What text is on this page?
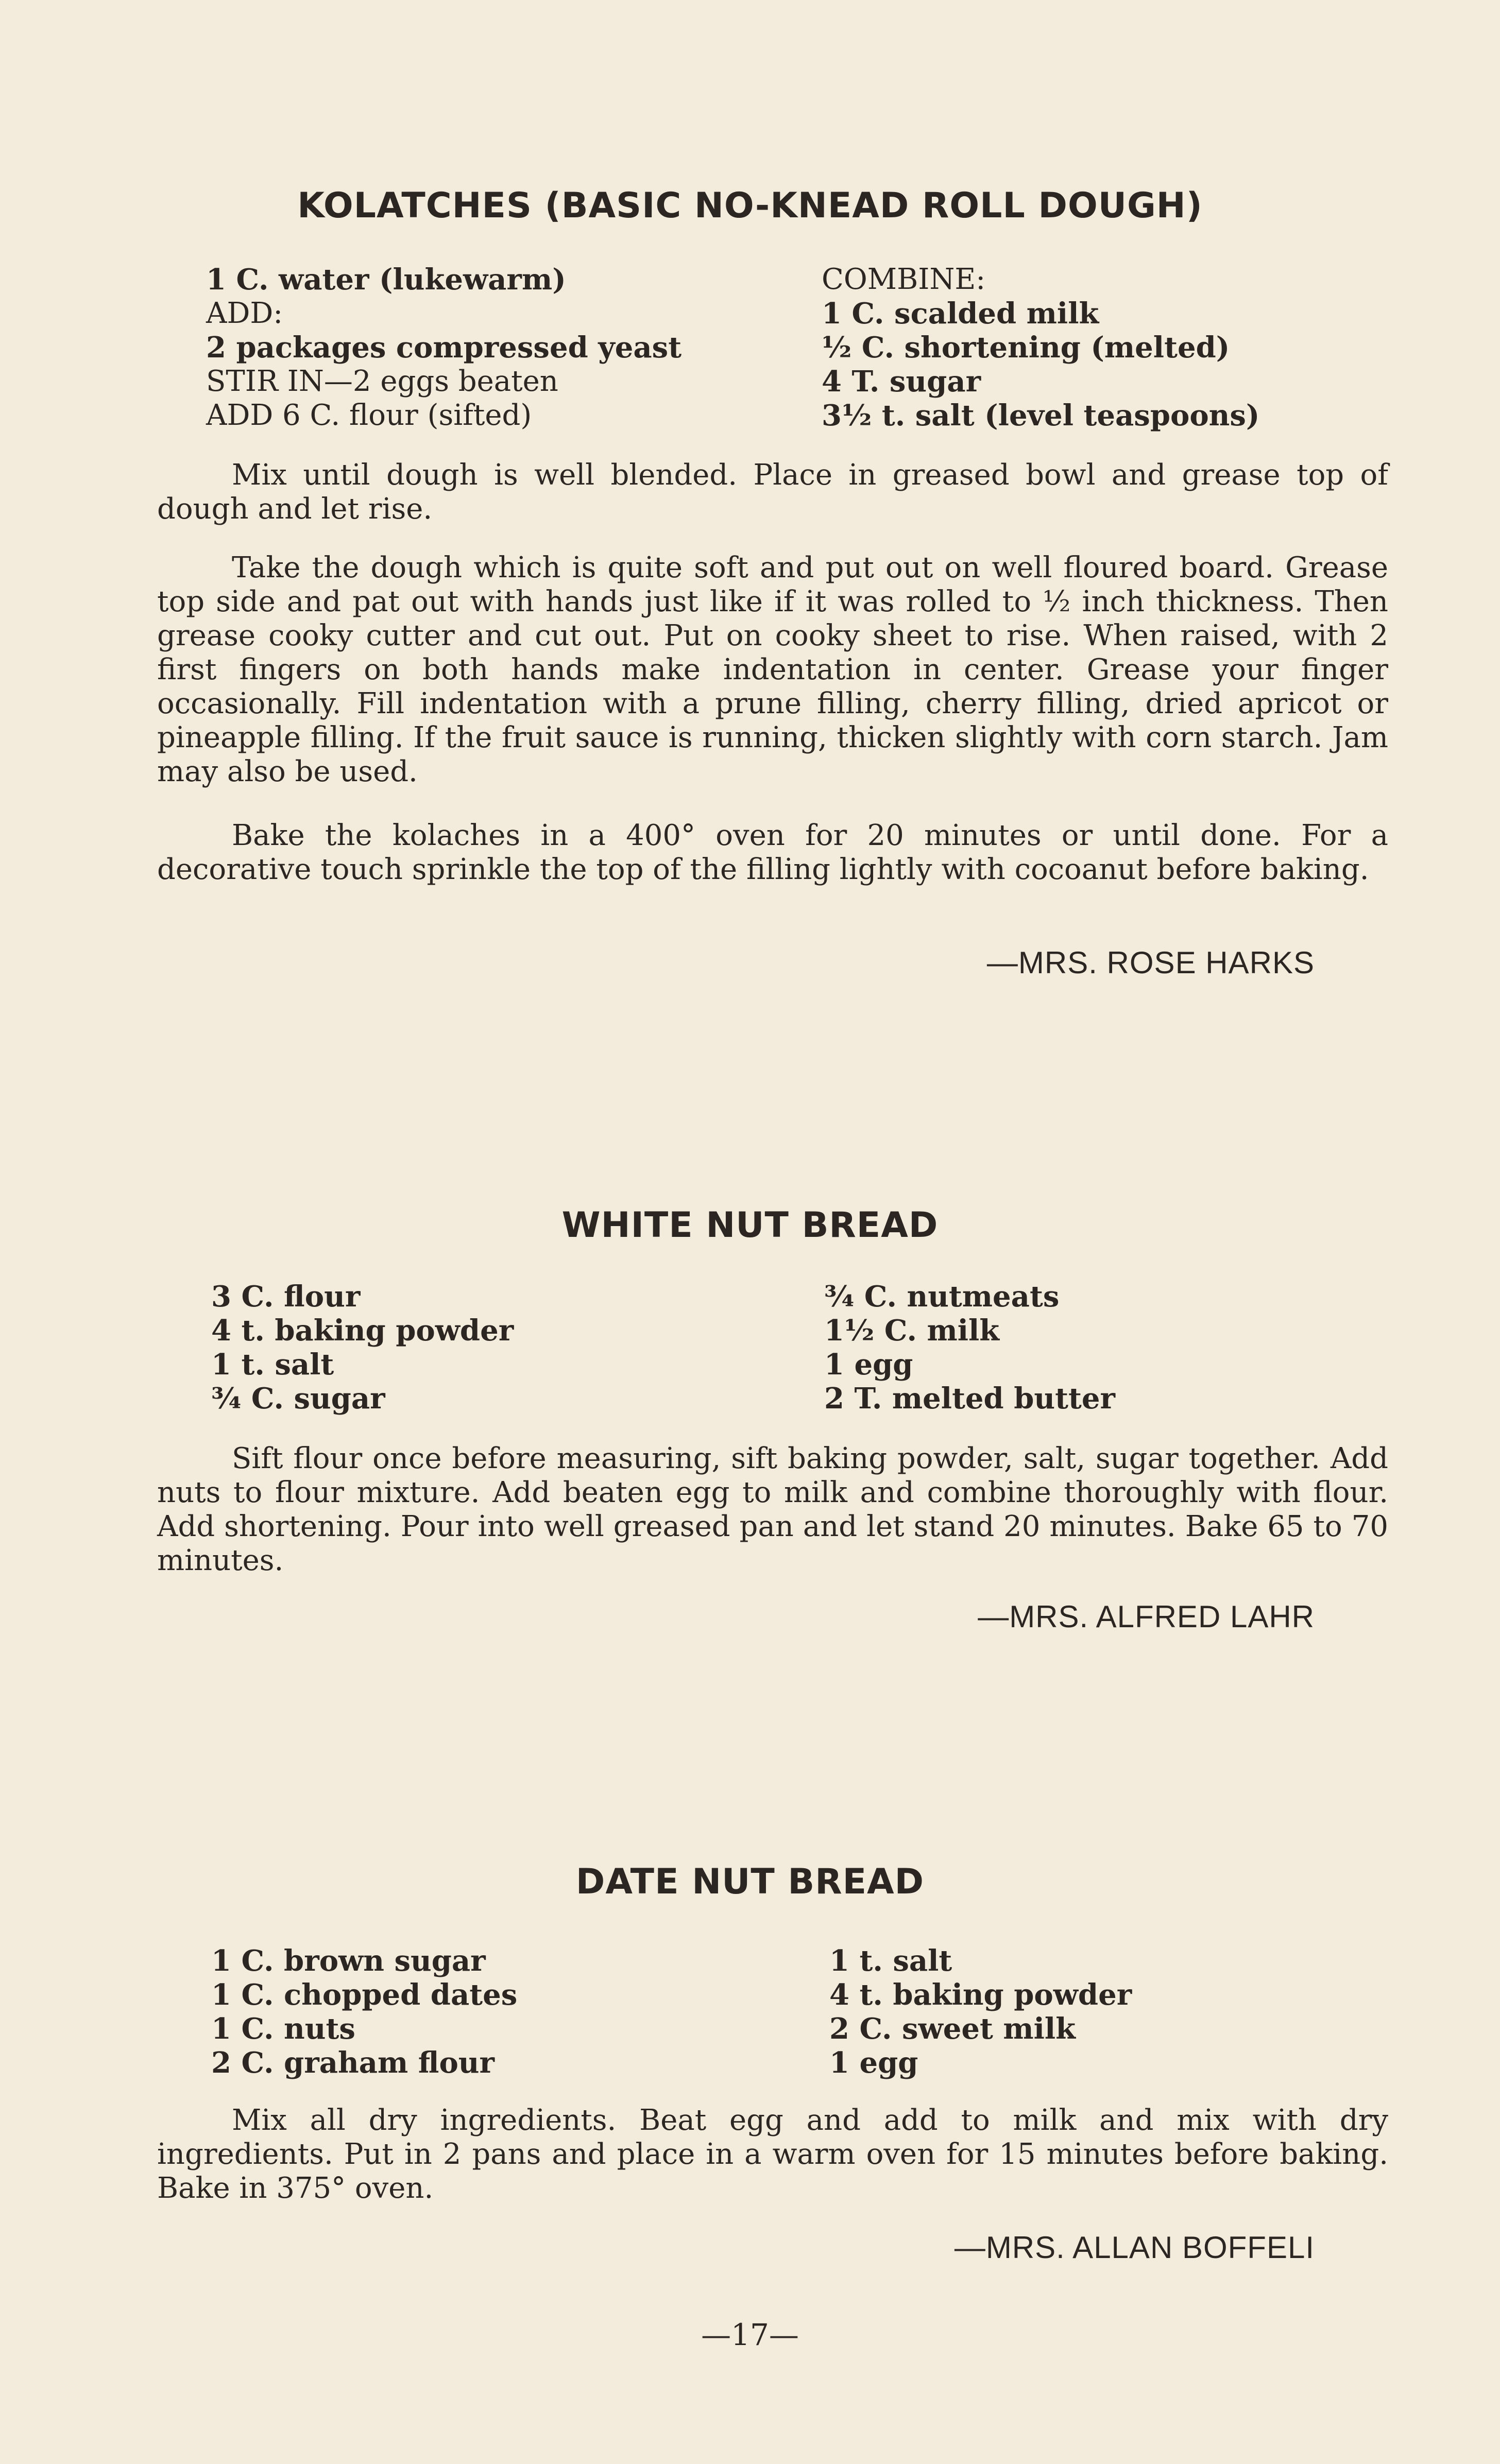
KOLATCHES (BASIC NO-KNEAD ROLL DOUGH)
1 C. water (lukewarm)
ADD:
2 packages compressed yeast
STIR IN—2 eggs beaten
ADD 6 C. flour (sifted)
COMBINE:
1 C. scalded milk
½ C. shortening (melted)
4 T. sugar
3½ t. salt (level teaspoons)

Mix until dough is well blended. Place in greased bowl and grease top of dough and let rise.

Take the dough which is quite soft and put out on well floured board. Grease top side and pat out with hands just like if it was rolled to ½ inch thickness. Then grease cooky cutter and cut out. Put on cooky sheet to rise. When raised, with 2 first fingers on both hands make indentation in center. Grease your finger occasionally. Fill indentation with a prune filling, cherry filling, dried apricot or pineapple filling. If the fruit sauce is running, thicken slightly with corn starch. Jam may also be used.

Bake the kolaches in a 400° oven for 20 minutes or until done. For a decorative touch sprinkle the top of the filling lightly with cocoanut before baking.

—MRS. ROSE HARKS

WHITE NUT BREAD
3 C. flour
4 t. baking powder
1 t. salt
¾ C. sugar
¾ C. nutmeats
1½ C. milk
1 egg
2 T. melted butter

Sift flour once before measuring, sift baking powder, salt, sugar together. Add nuts to flour mixture. Add beaten egg to milk and combine thoroughly with flour. Add shortening. Pour into well greased pan and let stand 20 minutes. Bake 65 to 70 minutes.

—MRS. ALFRED LAHR

DATE NUT BREAD
1 C. brown sugar
1 C. chopped dates
1 C. nuts
2 C. graham flour
1 t. salt
4 t. baking powder
2 C. sweet milk
1 egg

Mix all dry ingredients. Beat egg and add to milk and mix with dry ingredients. Put in 2 pans and place in a warm oven for 15 minutes before baking. Bake in 375° oven.

—MRS. ALLAN BOFFELI

—17—
